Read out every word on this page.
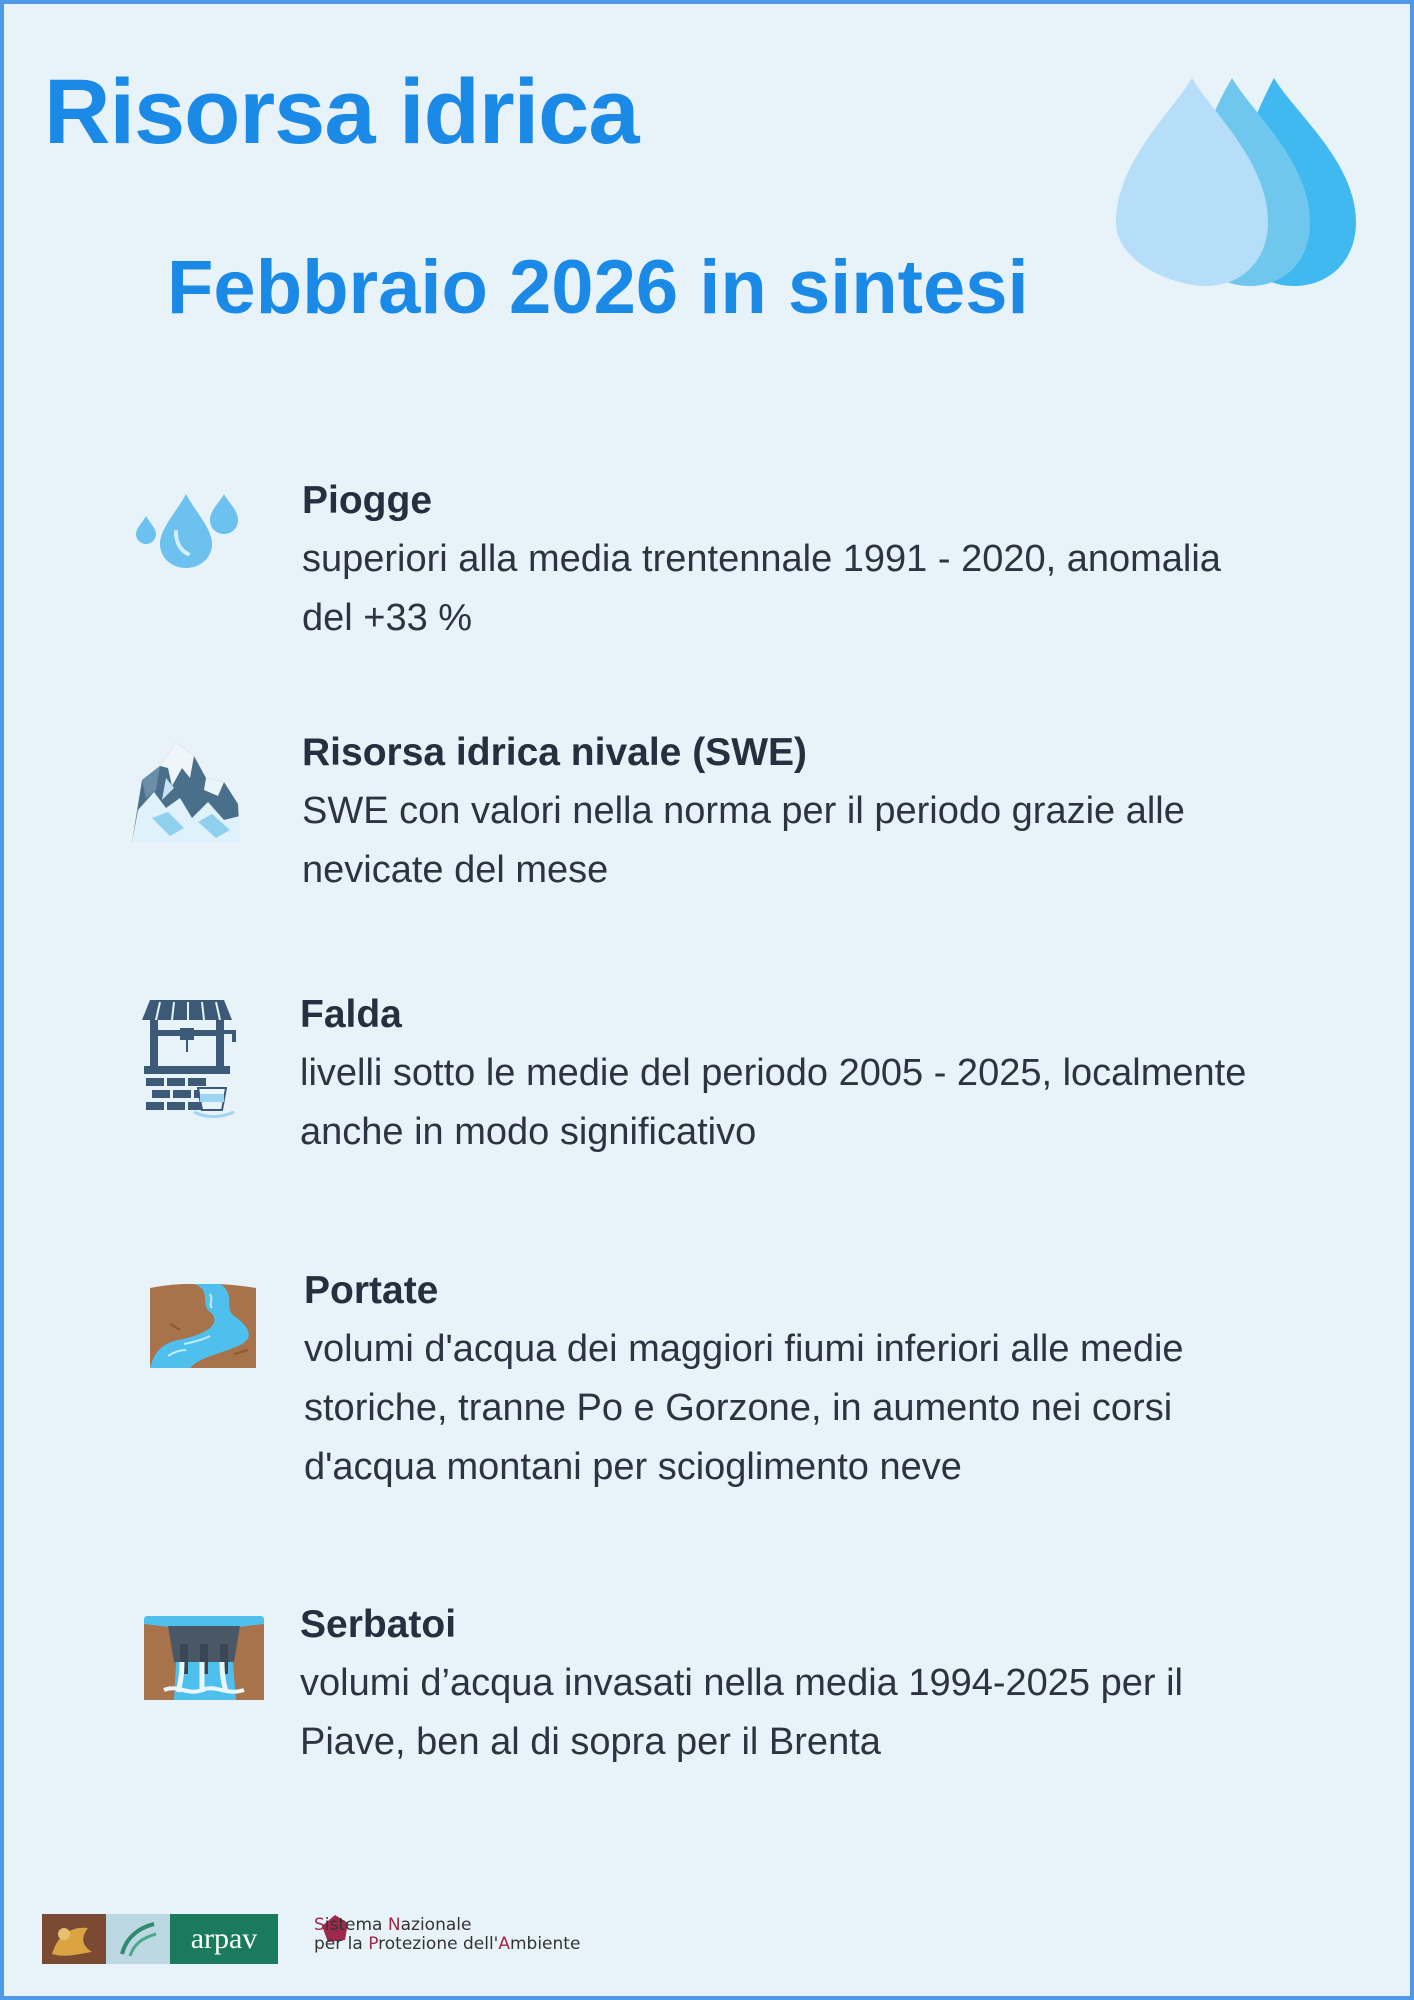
Risorsa idrica
Febbraio 2026 in sintesi
Piogge
superiori alla media trentennale 1991 - 2020, anomalia
del +33 %
Risorsa idrica nivale (SWE)
SWE con valori nella norma per il periodo grazie alle
nevicate del mese
Falda
livelli sotto le medie del periodo 2005 - 2025, localmente
anche in modo significativo
Portate
volumi d'acqua dei maggiori fiumi inferiori alle medie
storiche, tranne Po e Gorzone, in aumento nei corsi
d'acqua montani per scioglimento neve
Serbatoi
volumi d’acqua invasati nella media 1994-2025 per il
Piave, ben al di sopra per il Brenta
arpav	Sistema Nazionale
per la Protezione dell'Ambiente
